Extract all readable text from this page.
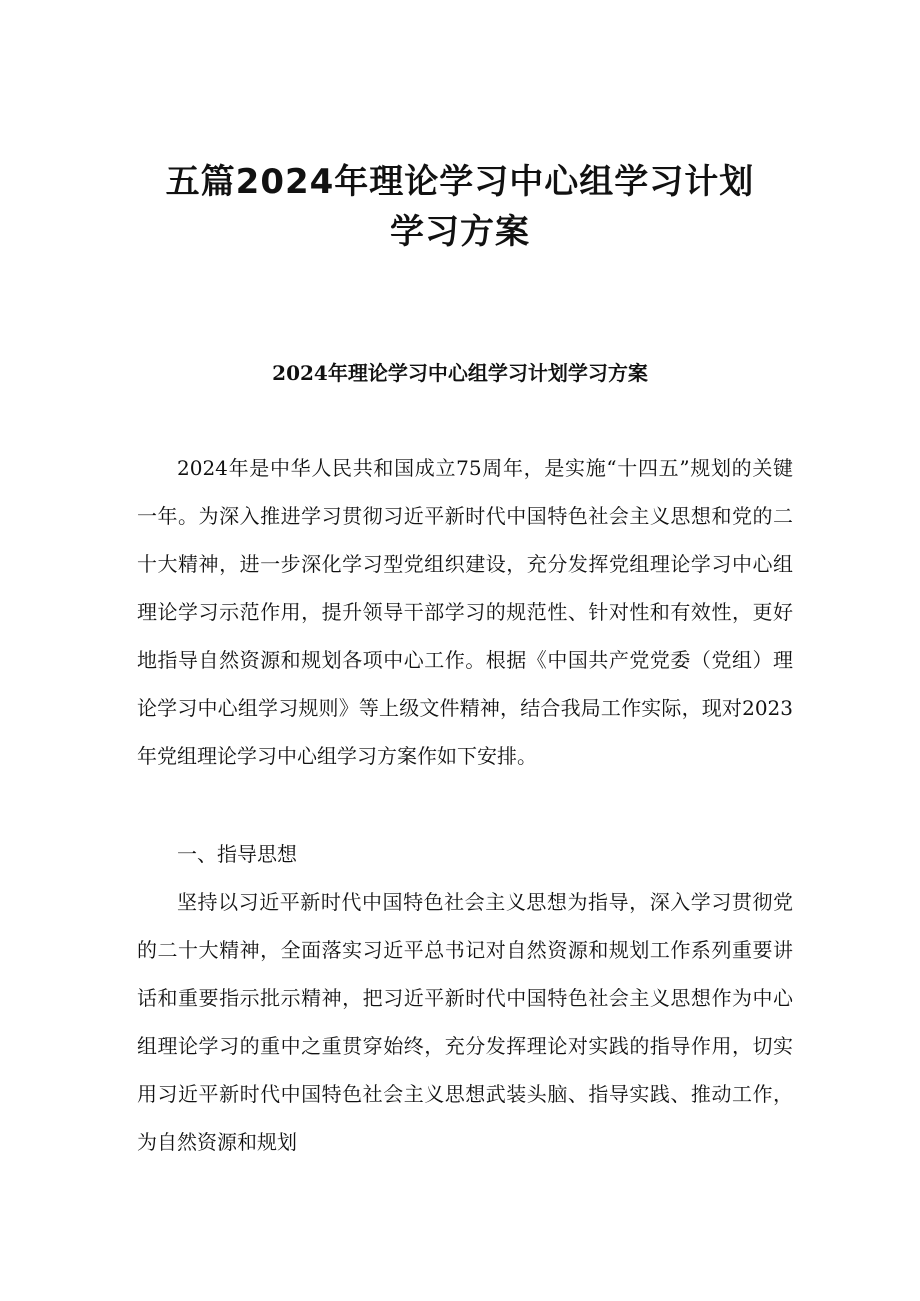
五篇2024年理论学习中心组学习计划
学习方案
2024年理论学习中心组学习计划学习方案

2024年是中华人民共和国成立75周年，是实施“十四五”规划的关键一年。为深入推进学习贯彻习近平新时代中国特色社会主义思想和党的二十大精神，进一步深化学习型党组织建设，充分发挥党组理论学习中心组理论学习示范作用，提升领导干部学习的规范性、针对性和有效性，更好地指导自然资源和规划各项中心工作。根据《中国共产党党委（党组）理论学习中心组学习规则》等上级文件精神，结合我局工作实际，现对2023年党组理论学习中心组学习方案作如下安排。

一、指导思想

坚持以习近平新时代中国特色社会主义思想为指导，深入学习贯彻党的二十大精神，全面落实习近平总书记对自然资源和规划工作系列重要讲话和重要指示批示精神，把习近平新时代中国特色社会主义思想作为中心组理论学习的重中之重贯穿始终，充分发挥理论对实践的指导作用，切实用习近平新时代中国特色社会主义思想武装头脑、指导实践、推动工作，为自然资源和规划
